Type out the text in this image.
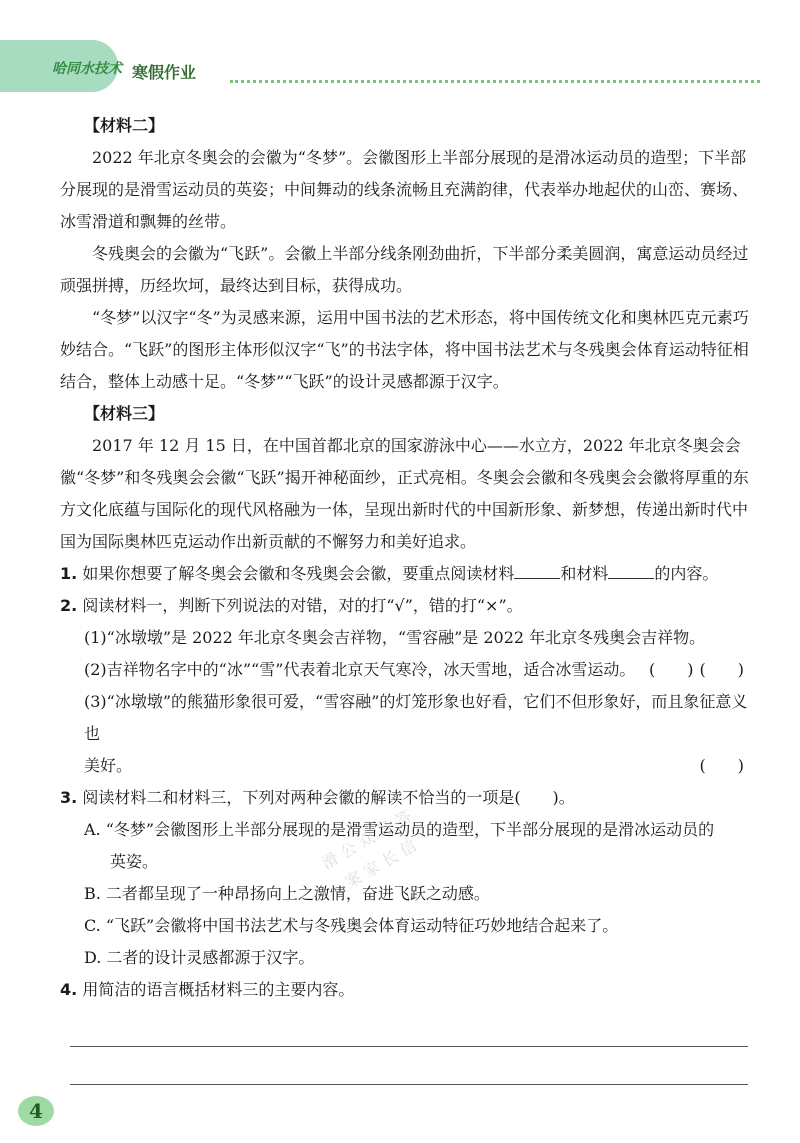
哈同水技术 寒假作业

【材料二】

2022 年北京冬奥会的会徽为“冬梦”。会徽图形上半部分展现的是滑冰运动员的造型；下半部分展现的是滑雪运动员的英姿；中间舞动的线条流畅且充满韵律，代表举办地起伏的山峦、赛场、冰雪滑道和飘舞的丝带。

冬残奥会的会徽为“飞跃”。会徽上半部分线条刚劲曲折，下半部分柔美圆润，寓意运动员经过顽强拼搏，历经坎坷，最终达到目标，获得成功。

“冬梦”以汉字“冬”为灵感来源，运用中国书法的艺术形态，将中国传统文化和奥林匹克元素巧妙结合。“飞跃”的图形主体形似汉字“飞”的书法字体，将中国书法艺术与冬残奥会体育运动特征相结合，整体上动感十足。“冬梦”“飞跃”的设计灵感都源于汉字。

【材料三】

2017 年 12 月 15 日，在中国首都北京的国家游泳中心——水立方，2022 年北京冬奥会会徽“冬梦”和冬残奥会会徽“飞跃”揭开神秘面纱，正式亮相。冬奥会会徽和冬残奥会会徽将厚重的东方文化底蕴与国际化的现代风格融为一体，呈现出新时代的中国新形象、新梦想，传递出新时代中国为国际奥林匹克运动作出新贡献的不懈努力和美好追求。

1. 如果你想要了解冬奥会会徽和冬残奥会会徽，要重点阅读材料	和材料	的内容。

2. 阅读材料一，判断下列说法的对错，对的打“√”，错的打“×”。

(1)“冰墩墩”是 2022 年北京冬奥会吉祥物，“雪容融”是 2022 年北京冬残奥会吉祥物。
(　　)

(2)吉祥物名字中的“冰”“雪”代表着北京天气寒冷，冰天雪地，适合冰雪运动。 (　　)

(3)“冰墩墩”的熊猫形象很可爱，“雪容融”的灯笼形象也好看，它们不但形象好，而且象征意义也

美好。	(　　)

3. 阅读材料二和材料三，下列对两种会徽的解读不恰当的一项是(　　)。

A. “冬梦”会徽图形上半部分展现的是滑雪运动员的造型，下半部分展现的是滑冰运动员的

英姿。

B. 二者都呈现了一种昂扬向上之激情，奋进飞跃之动感。

C. “飞跃”会徽将中国书法艺术与冬残奥会体育运动特征巧妙地结合起来了。

D. 二者的设计灵感都源于汉字。

4. 用简洁的语言概括材料三的主要内容。

滑 公 众 号 答 案 家 长 信
4
